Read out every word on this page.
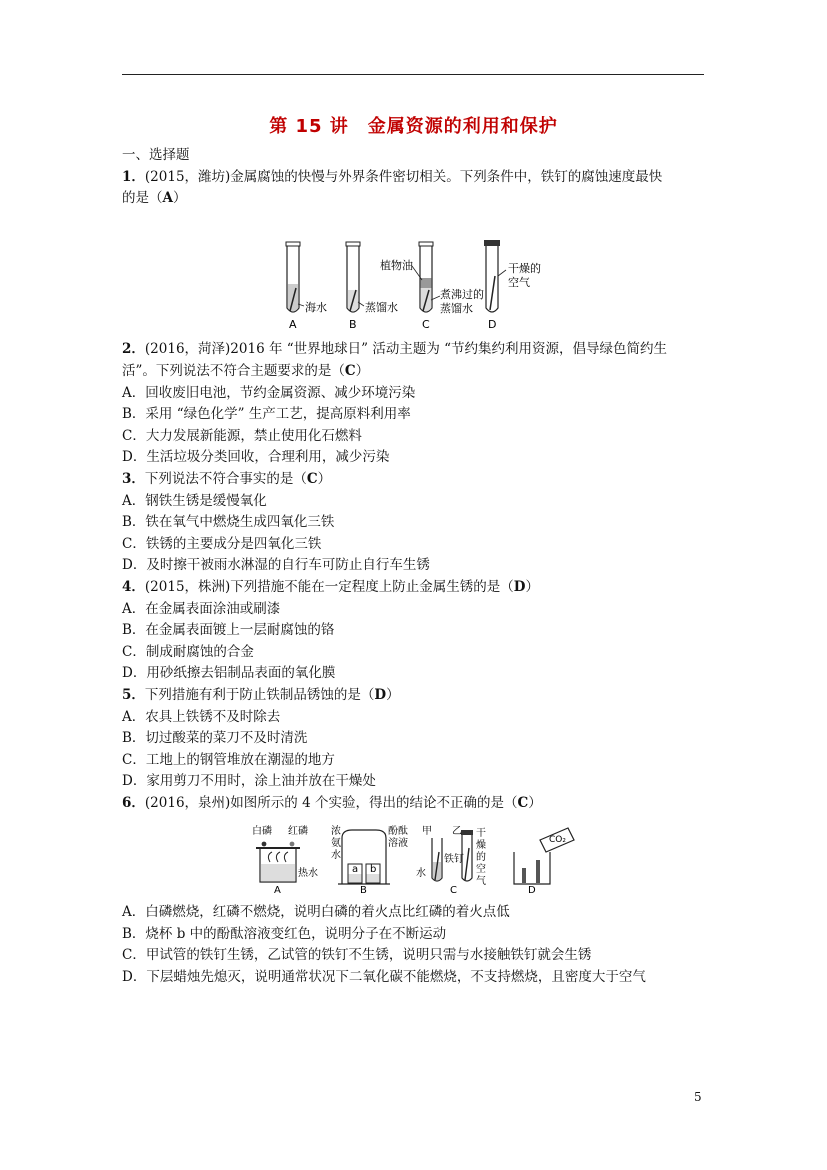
第 15 讲　金属资源的利用和保护
一、选择题
1．(2015，潍坊)金属腐蚀的快慢与外界条件密切相关。下列条件中，铁钉的腐蚀速度最快
的是（A）
海水	蒸馏水
植物油
煮沸过的
蒸馏水
干燥的
空气
A	B	C	D
2．(2016，菏泽)2016 年 “世界地球日” 活动主题为 “节约集约利用资源，倡导绿色简约生
活”。下列说法不符合主题要求的是（C）
A．回收废旧电池，节约金属资源、减少环境污染
B．采用 “绿色化学” 生产工艺，提高原料利用率
C．大力发展新能源，禁止使用化石燃料
D．生活垃圾分类回收，合理利用，减少污染
3．下列说法不符合事实的是（C）
A．钢铁生锈是缓慢氧化
B．铁在氧气中燃烧生成四氧化三铁
C．铁锈的主要成分是四氧化三铁
D．及时擦干被雨水淋湿的自行车可防止自行车生锈
4．(2015，株洲)下列措施不能在一定程度上防止金属生锈的是（D）
A．在金属表面涂油或刷漆
B．在金属表面镀上一层耐腐蚀的铬
C．制成耐腐蚀的合金
D．用砂纸擦去铝制品表面的氧化膜
5．下列措施有利于防止铁制品锈蚀的是（D）
A．农具上铁锈不及时除去
B．切过酸菜的菜刀不及时清洗
C．工地上的钢管堆放在潮湿的地方
D．家用剪刀不用时，涂上油并放在干燥处
6．(2016，泉州)如图所示的 4 个实验，得出的结论不正确的是（C）
白磷 红磷
热水
浓
氨
水
酚酞
溶液
a b
甲 乙
铁钉
水
干
燥
的
空
气
CO₂
A	B	C	D
A．白磷燃烧，红磷不燃烧，说明白磷的着火点比红磷的着火点低
B．烧杯 b 中的酚酞溶液变红色，说明分子在不断运动
C．甲试管的铁钉生锈，乙试管的铁钉不生锈，说明只需与水接触铁钉就会生锈
D．下层蜡烛先熄灭，说明通常状况下二氧化碳不能燃烧，不支持燃烧，且密度大于空气
5
